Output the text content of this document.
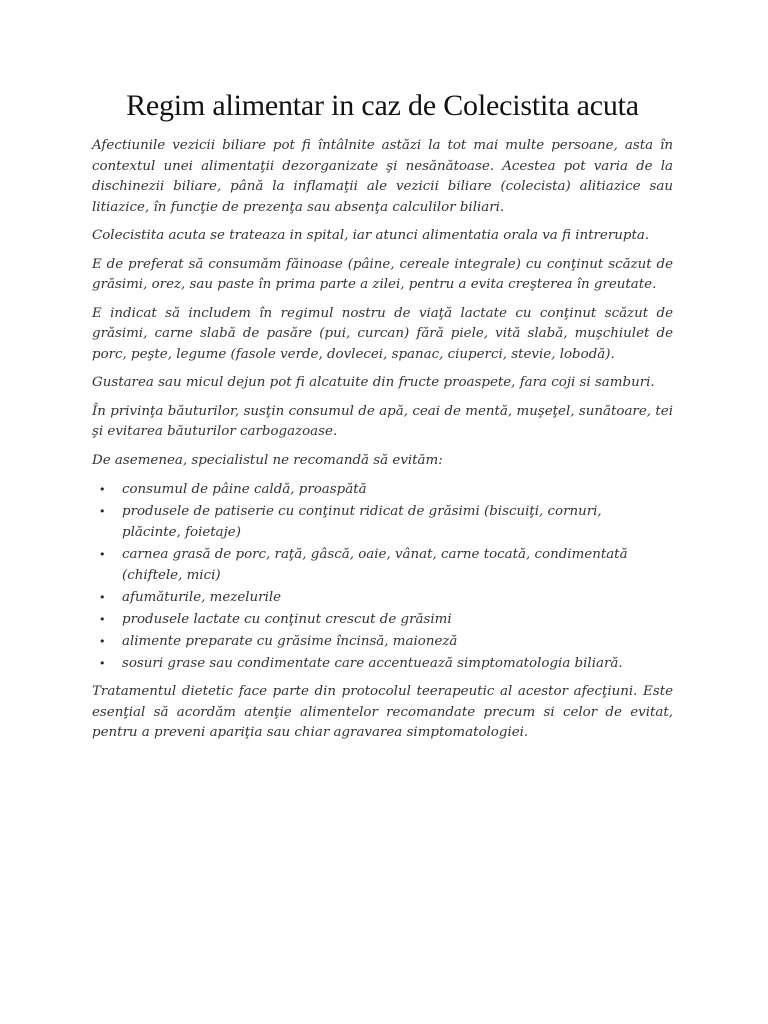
Regim alimentar in caz de Colecistita acuta

Afectiunile vezicii biliare pot fi întâlnite astăzi la tot mai multe persoane, asta în contextul unei alimentaţii dezorganizate şi nesănătoase. Acestea pot varia de la dischinezii biliare, până la inflamaţii ale vezicii biliare (colecista) alitiazice sau litiazice, în funcţie de prezenţa sau absenţa calculilor biliari.

Colecistita acuta se trateaza in spital, iar atunci alimentatia orala va fi intrerupta.

E de preferat să consumăm făinoase (pâine, cereale integrale) cu conţinut scăzut de grăsimi, orez, sau paste în prima parte a zilei, pentru a evita creşterea în greutate.

E indicat să includem în regimul nostru de viaţă lactate cu conţinut scăzut de grăsimi, carne slabă de pasăre (pui, curcan) fără piele, vită slabă, muşchiulet de porc, peşte, legume (fasole verde, dovlecei, spanac, ciuperci, stevie, lobodă).

Gustarea sau micul dejun pot fi alcatuite din fructe proaspete, fara coji si samburi.

În privinţa băuturilor, susţin consumul de apă, ceai de mentă, muşeţel, sunătoare, tei şi evitarea băuturilor carbogazoase.

De asemenea, specialistul ne recomandă să evităm:

• consumul de pâine caldă, proaspătă
• produsele de patiserie cu conţinut ridicat de grăsimi (biscuiţi, cornuri, plăcinte, foietaje)
• carnea grasă de porc, raţă, gâscă, oaie, vânat, carne tocată, condimentată (chiftele, mici)
• afumăturile, mezelurile
• produsele lactate cu conţinut crescut de grăsimi
• alimente preparate cu grăsime încinsă, maioneză
• sosuri grase sau condimentate care accentuează simptomatologia biliară.

Tratamentul dietetic face parte din protocolul teerapeutic al acestor afecţiuni. Este esenţial să acordăm atenţie alimentelor recomandate precum si celor de evitat, pentru a preveni apariţia sau chiar agravarea simptomatologiei.
